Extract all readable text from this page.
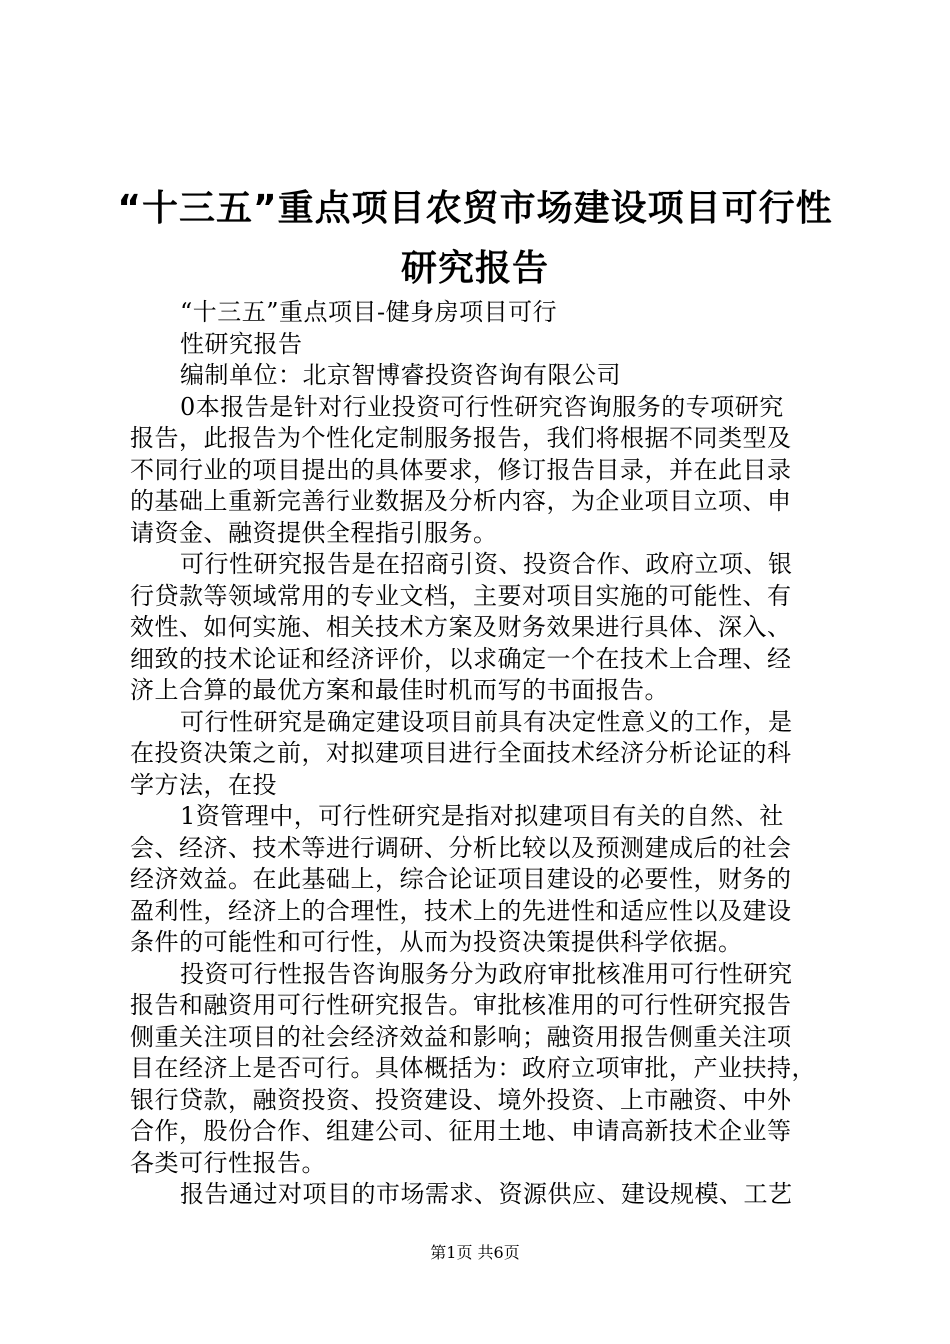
“十三五”重点项目农贸市场建设项目可行性
研究报告
“十三五”重点项目-健身房项目可行
性研究报告
编制单位：北京智博睿投资咨询有限公司
0本报告是针对行业投资可行性研究咨询服务的专项研究
报告，此报告为个性化定制服务报告，我们将根据不同类型及
不同行业的项目提出的具体要求，修订报告目录，并在此目录
的基础上重新完善行业数据及分析内容，为企业项目立项、申
请资金、融资提供全程指引服务。
可行性研究报告是在招商引资、投资合作、政府立项、银
行贷款等领域常用的专业文档，主要对项目实施的可能性、有
效性、如何实施、相关技术方案及财务效果进行具体、深入、
细致的技术论证和经济评价，以求确定一个在技术上合理、经
济上合算的最优方案和最佳时机而写的书面报告。
可行性研究是确定建设项目前具有决定性意义的工作，是
在投资决策之前，对拟建项目进行全面技术经济分析论证的科
学方法，在投
1资管理中，可行性研究是指对拟建项目有关的自然、社
会、经济、技术等进行调研、分析比较以及预测建成后的社会
经济效益。在此基础上，综合论证项目建设的必要性，财务的
盈利性，经济上的合理性，技术上的先进性和适应性以及建设
条件的可能性和可行性，从而为投资决策提供科学依据。
投资可行性报告咨询服务分为政府审批核准用可行性研究
报告和融资用可行性研究报告。审批核准用的可行性研究报告
侧重关注项目的社会经济效益和影响；融资用报告侧重关注项
目在经济上是否可行。具体概括为：政府立项审批，产业扶持，
银行贷款，融资投资、投资建设、境外投资、上市融资、中外
合作，股份合作、组建公司、征用土地、申请高新技术企业等
各类可行性报告。
报告通过对项目的市场需求、资源供应、建设规模、工艺
第1页 共6页
